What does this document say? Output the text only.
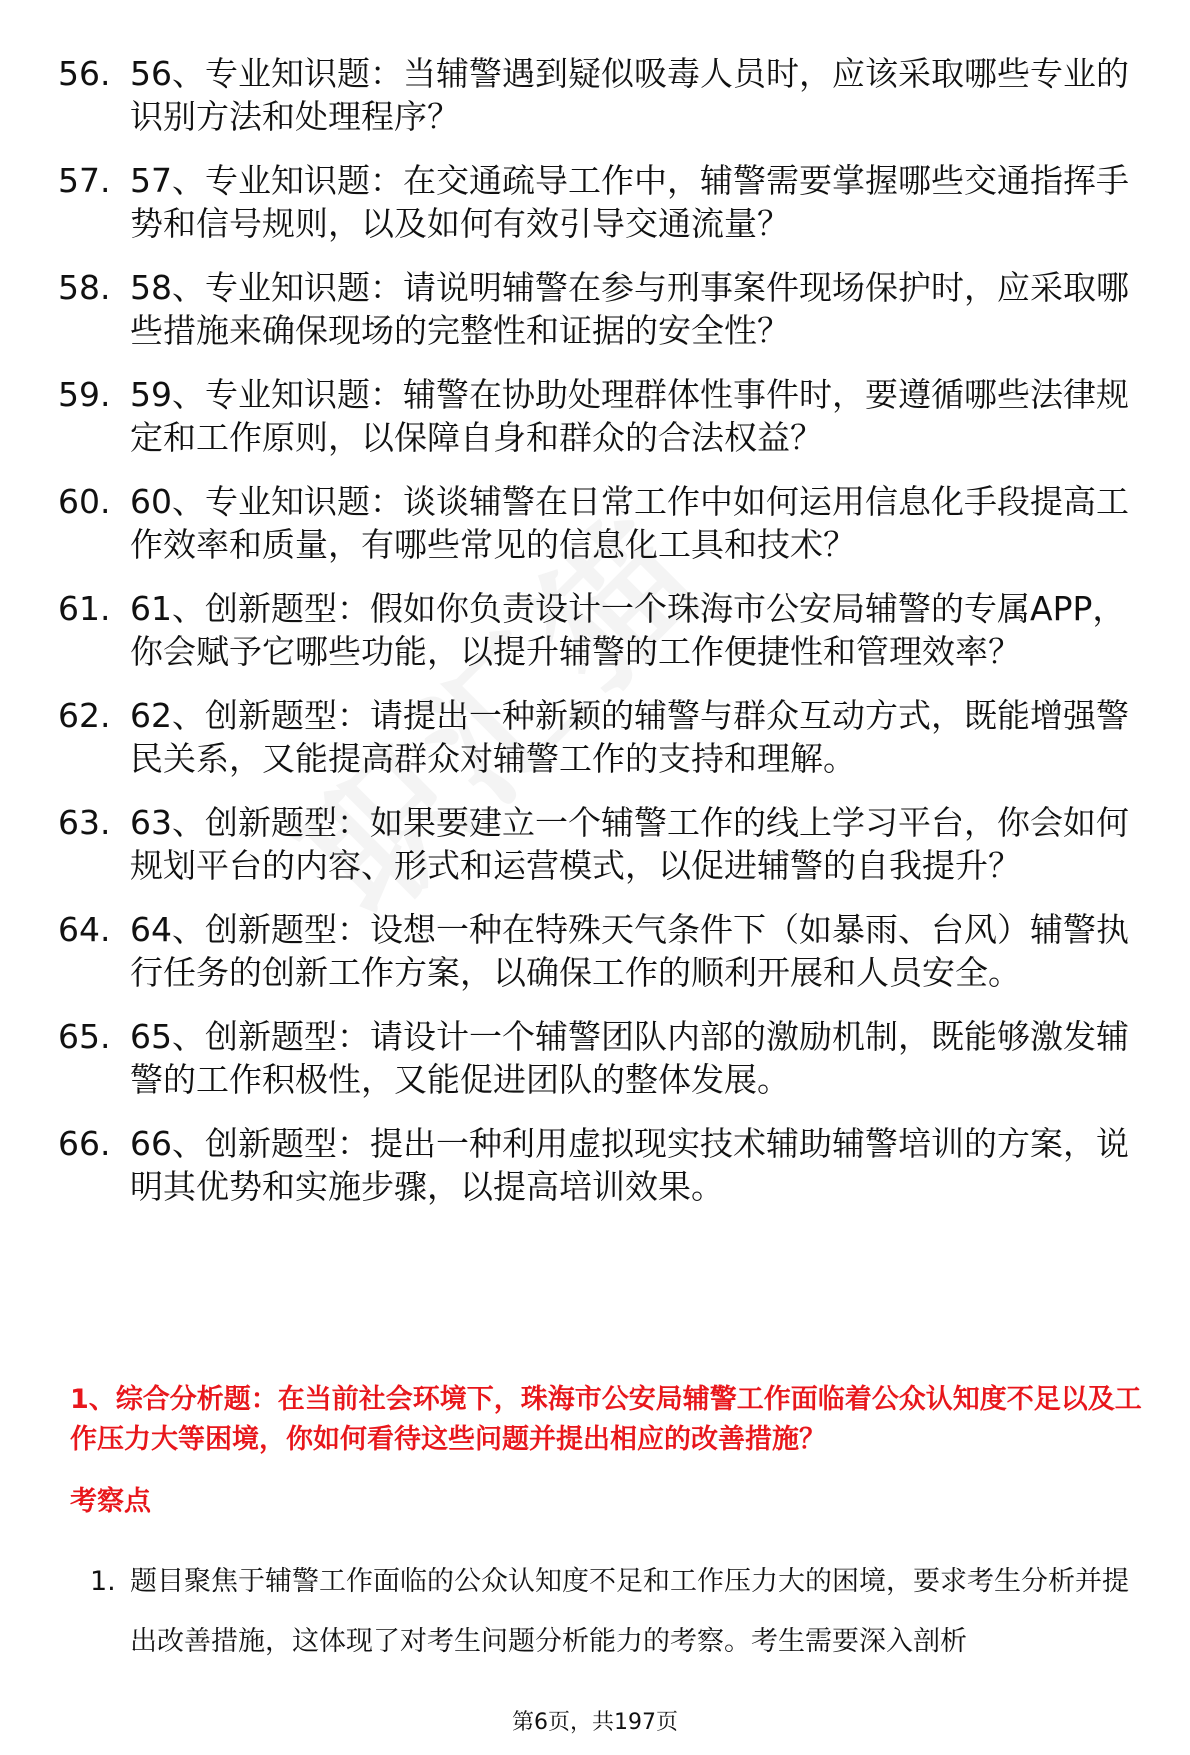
56. 56、专业知识题：当辅警遇到疑似吸毒人员时，应该采取哪些专业的识别方法和处理程序？
57. 57、专业知识题：在交通疏导工作中，辅警需要掌握哪些交通指挥手势和信号规则，以及如何有效引导交通流量？
58. 58、专业知识题：请说明辅警在参与刑事案件现场保护时，应采取哪些措施来确保现场的完整性和证据的安全性？
59. 59、专业知识题：辅警在协助处理群体性事件时，要遵循哪些法律规定和工作原则，以保障自身和群众的合法权益？
60. 60、专业知识题：谈谈辅警在日常工作中如何运用信息化手段提高工作效率和质量，有哪些常见的信息化工具和技术？
61. 61、创新题型：假如你负责设计一个珠海市公安局辅警的专属APP，你会赋予它哪些功能，以提升辅警的工作便捷性和管理效率？
62. 62、创新题型：请提出一种新颖的辅警与群众互动方式，既能增强警民关系，又能提高群众对辅警工作的支持和理解。
63. 63、创新题型：如果要建立一个辅警工作的线上学习平台，你会如何规划平台的内容、形式和运营模式，以促进辅警的自我提升？
64. 64、创新题型：设想一种在特殊天气条件下（如暴雨、台风）辅警执行任务的创新工作方案，以确保工作的顺利开展和人员安全。
65. 65、创新题型：请设计一个辅警团队内部的激励机制，既能够激发辅警的工作积极性，又能促进团队的整体发展。
66. 66、创新题型：提出一种利用虚拟现实技术辅助辅警培训的方案，说明其优势和实施步骤，以提高培训效果。

1、综合分析题：在当前社会环境下，珠海市公安局辅警工作面临着公众认知度不足以及工作压力大等困境，你如何看待这些问题并提出相应的改善措施？

考察点

1. 题目聚焦于辅警工作面临的公众认知度不足和工作压力大的困境，要求考生分析并提出改善措施，这体现了对考生问题分析能力的考察。考生需要深入剖析
第6页，共197页
